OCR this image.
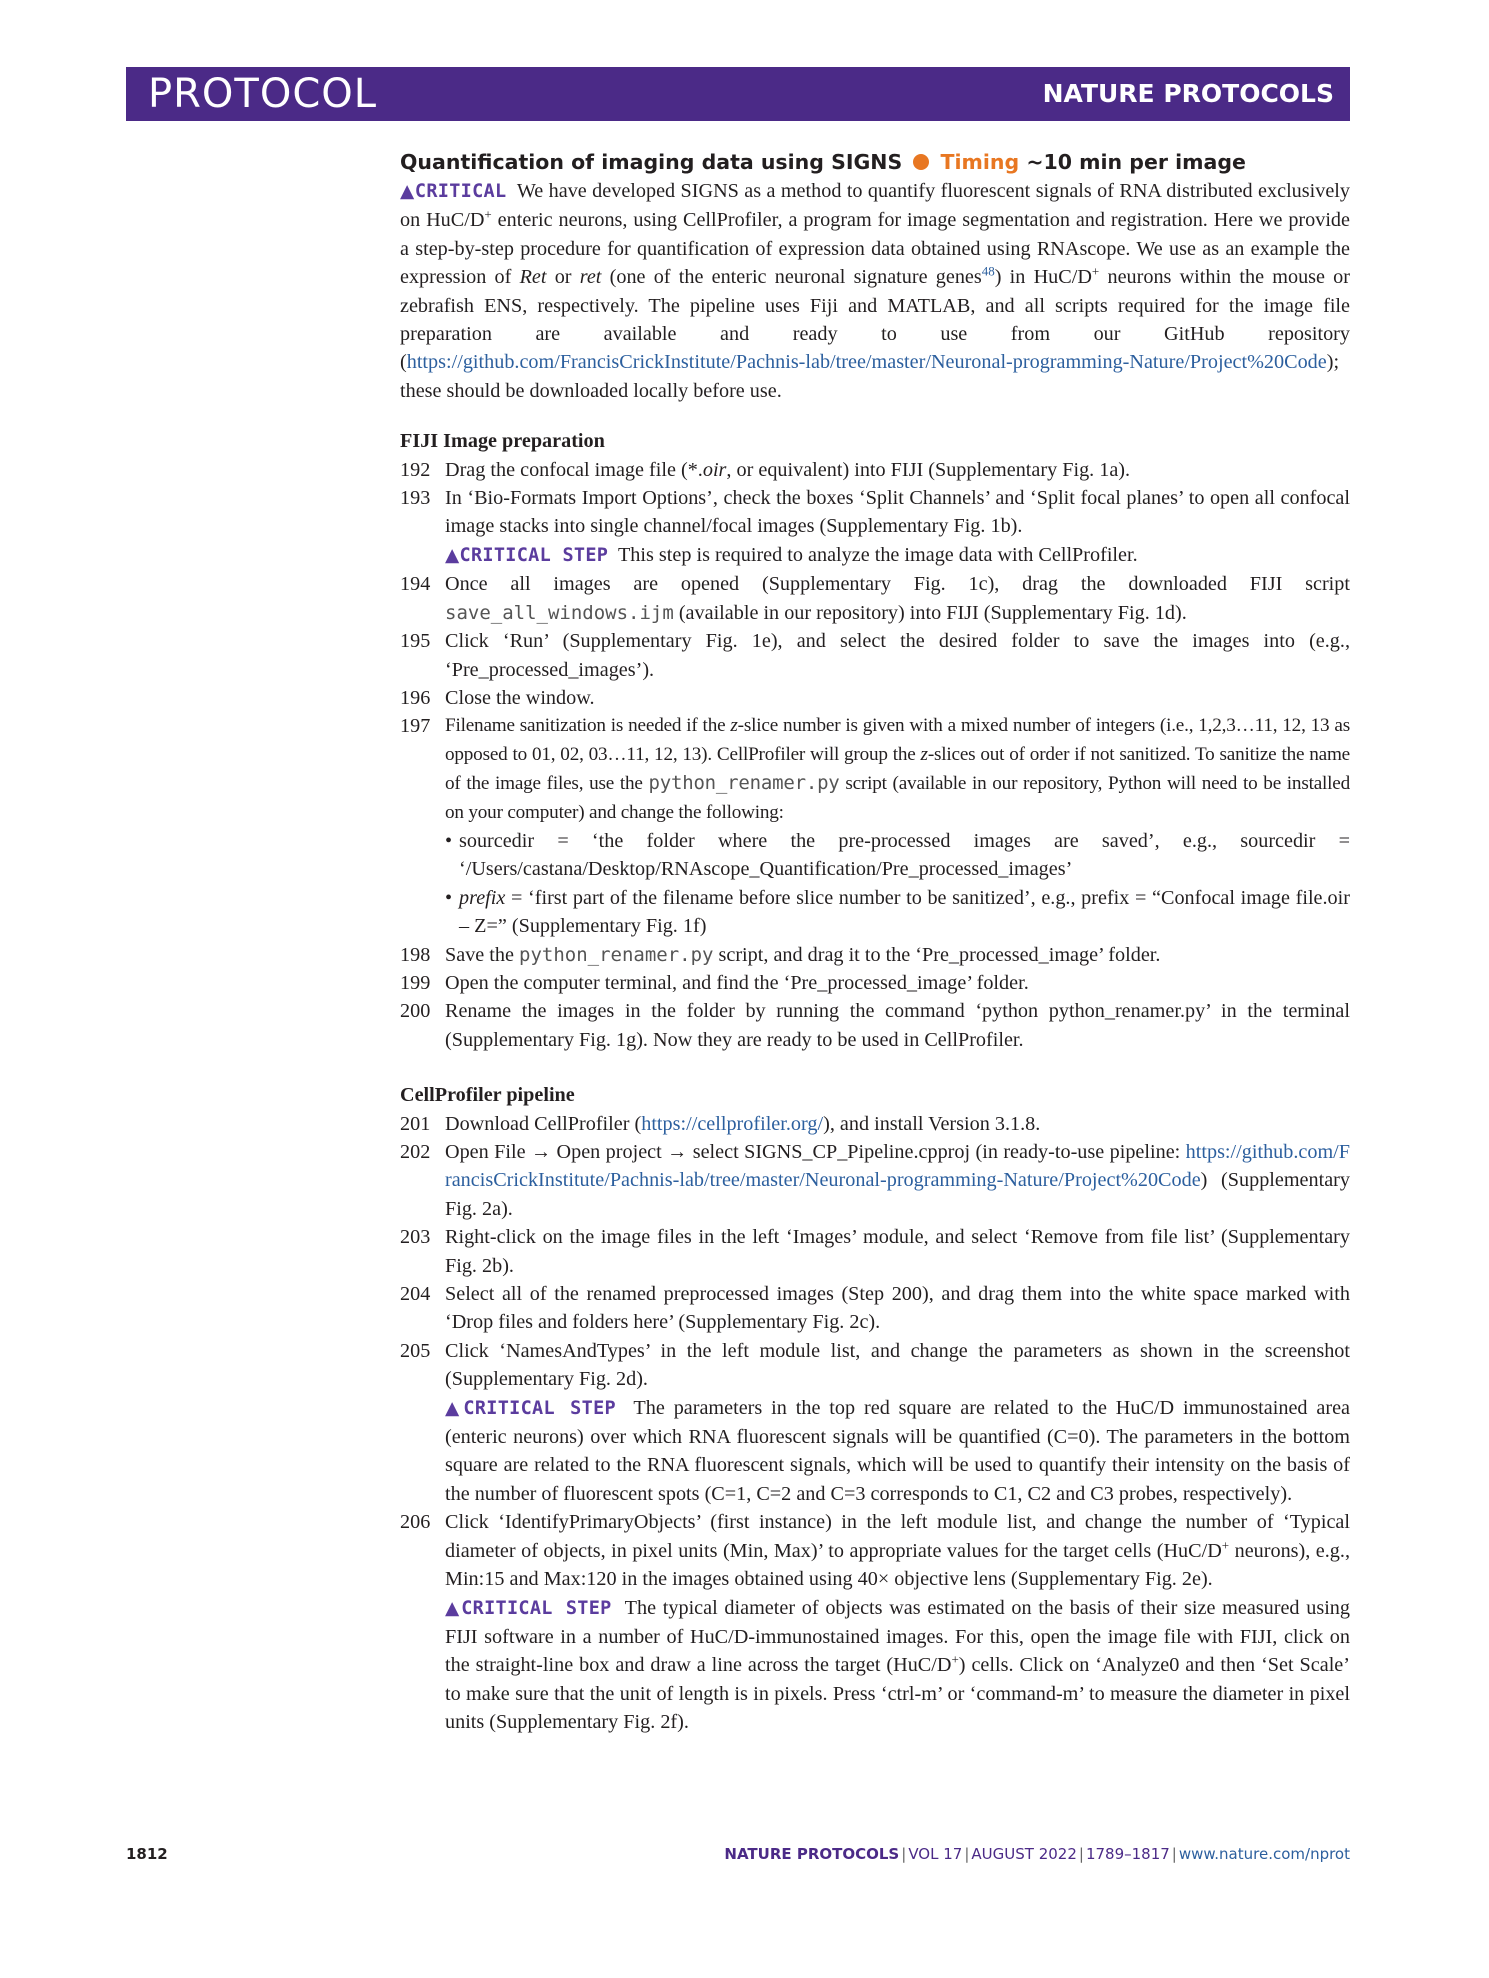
PROTOCOL	NATURE PROTOCOLS

Quantification of imaging data using SIGNS Timing ~10 min per image

▲CRITICAL We have developed SIGNS as a method to quantify fluorescent signals of RNA distributed exclusively on HuC/D+ enteric neurons, using CellProfiler, a program for image segmentation and registration. Here we provide a step-by-step procedure for quantification of expression data obtained using RNAscope. We use as an example the expression of Ret or ret (one of the enteric neuronal signature genes$^{48}$) in HuC/D+ neurons within the mouse or zebrafish ENS, respectively. The pipeline uses Fiji and MATLAB, and all scripts required for the image file preparation are available and ready to use from our GitHub repository (https://github.com/FrancisCrickInstitute/Pachnis-lab/tree/master/Neuronal-programming-Nature/Project%20Code); these should be downloaded locally before use.

FIJI Image preparation

192 Drag the confocal image file (*.oir, or equivalent) into FIJI (Supplementary Fig. 1a).

193 In ‘Bio-Formats Import Options’, check the boxes ‘Split Channels’ and ‘Split focal planes’ to open all confocal image stacks into single channel/focal images (Supplementary Fig. 1b).
▲CRITICAL STEP This step is required to analyze the image data with CellProfiler.

194 Once all images are opened (Supplementary Fig. 1c), drag the downloaded FIJI script save_all_windows.ijm (available in our repository) into FIJI (Supplementary Fig. 1d).

195 Click ‘Run’ (Supplementary Fig. 1e), and select the desired folder to save the images into (e.g., ‘Pre_processed_images’).

196 Close the window.

197 Filename sanitization is needed if the z-slice number is given with a mixed number of integers (i.e., 1,2,3…11, 12, 13 as opposed to 01, 02, 03…11, 12, 13). CellProfiler will group the z-slices out of order if not sanitized. To sanitize the name of the image files, use the python_renamer.py script (available in our repository, Python will need to be installed on your computer) and change the following:

• sourcedir = ‘the folder where the pre-processed images are saved’, e.g., sourcedir = ‘/Users/castana/Desktop/RNAscope_Quantification/Pre_processed_images’

• prefix = ‘first part of the filename before slice number to be sanitized’, e.g., prefix = “Confocal image file.oir – Z=” (Supplementary Fig. 1f)

198 Save the python_renamer.py script, and drag it to the ‘Pre_processed_image’ folder.

199 Open the computer terminal, and find the ‘Pre_processed_image’ folder.

200 Rename the images in the folder by running the command ‘python python_renamer.py’ in the terminal (Supplementary Fig. 1g). Now they are ready to be used in CellProfiler.

CellProfiler pipeline

201 Download CellProfiler (https://cellprofiler.org/), and install Version 3.1.8.

202 Open File → Open project → select SIGNS_CP_Pipeline.cpproj (in ready-to-use pipeline: https://github.com/FrancisCrickInstitute/Pachnis-lab/tree/master/Neuronal-programming-Nature/Project%20Code) (Supplementary Fig. 2a).

203 Right-click on the image files in the left ‘Images’ module, and select ‘Remove from file list’ (Supplementary Fig. 2b).

204 Select all of the renamed preprocessed images (Step 200), and drag them into the white space marked with ‘Drop files and folders here’ (Supplementary Fig. 2c).

205 Click ‘NamesAndTypes’ in the left module list, and change the parameters as shown in the screenshot (Supplementary Fig. 2d).
▲CRITICAL STEP The parameters in the top red square are related to the HuC/D immunostained area (enteric neurons) over which RNA fluorescent signals will be quantified (C=0). The parameters in the bottom square are related to the RNA fluorescent signals, which will be used to quantify their intensity on the basis of the number of fluorescent spots (C=1, C=2 and C=3 corresponds to C1, C2 and C3 probes, respectively).

206 Click ‘IdentifyPrimaryObjects’ (first instance) in the left module list, and change the number of ‘Typical diameter of objects, in pixel units (Min, Max)’ to appropriate values for the target cells (HuC/D+ neurons), e.g., Min:15 and Max:120 in the images obtained using 40× objective lens (Supplementary Fig. 2e).
▲CRITICAL STEP The typical diameter of objects was estimated on the basis of their size measured using FIJI software in a number of HuC/D-immunostained images. For this, open the image file with FIJI, click on the straight-line box and draw a line across the target (HuC/D+) cells. Click on ‘Analyze0 and then ‘Set Scale’ to make sure that the unit of length is in pixels. Press ‘ctrl-m’ or ‘command-m’ to measure the diameter in pixel units (Supplementary Fig. 2f).

1812	NATURE PROTOCOLS | VOL 17 | AUGUST 2022 | 1789–1817 | www.nature.com/nprot
